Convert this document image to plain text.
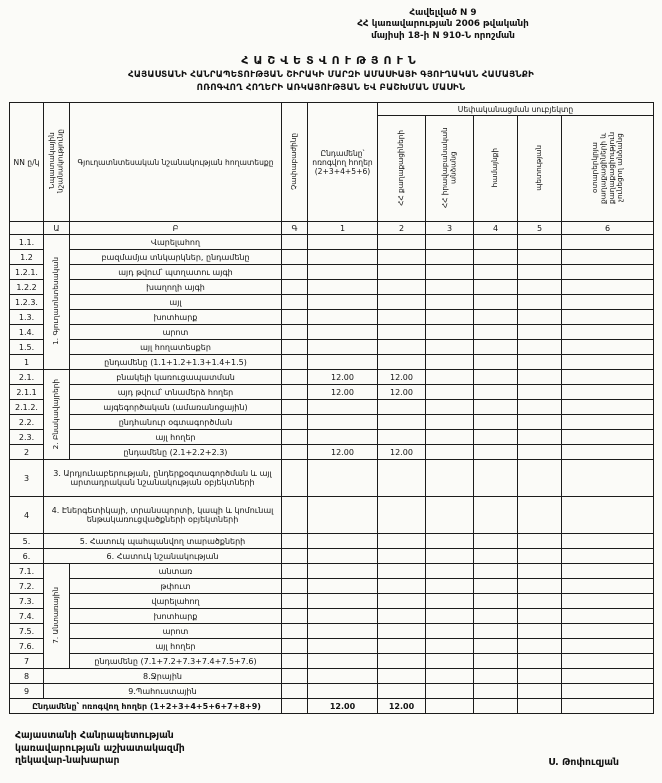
Հավելված N 9
ՀՀ կառավարության 2006 թվականի
մայիսի 18-ի N 910-Ն որոշման
ՀԱՇՎԵՏՎՈՒԹՅՈՒՆ
ՀԱՅԱՍՏԱՆԻ ՀԱՆՐԱՊԵՏՈՒԹՅԱՆ ՇԻՐԱԿԻ ՄԱՐԶԻ ԱՄԱՍԻԱՅԻ ԳՅՈՒՂԱԿԱՆ ՀԱՄԱՅՆՔԻ
ՈՌՈԳՎՈՂ ՀՈՂԵՐԻ ԱՌԿԱՅՈՒԹՅԱՆ ԵՎ ԲԱՇԽՄԱՆ ՄԱՍԻՆ
NN ը/կ	Նպատակային նշանակությունը	Գյուղատնտեսական նշանակության հողատեսքը	Չափաբաժինը	Ընդամենը՝ ոռոգվող հողեր (2+3+4+5+6)	Սեփականացման սուբյեկտը				
					ՀՀ քաղաքացիների	ՀՀ իրավաբանական անձանց	համայնքի	պետության	օտարերկրյա քաղաքացիների և քաղաքացիություն չունեցող անձանց
	Ա	Բ	Գ	1	2	3	4	5	6
1.1.	1. Գյուղատնտեսական	Վարելահող							
1.2		բազմամյա տնկարկներ, ընդամենը							
1.2.1.		այդ թվում՝ պտղատու այգի							
1.2.2		խաղողի այգի							
1.2.3.		այլ							
1.3.		խոտհարք							
1.4.		արոտ							
1.5.		այլ հողատեսքեր							
1		ընդամենը (1.1+1.2+1.3+1.4+1.5)							
2.1.	2. Բնակավայրերի	բնակելի կառուցապատման		12.00	12.00				
2.1.1		այդ թվում՝ տնամերձ հողեր		12.00	12.00				
2.1.2.		այգեգործական (ամառանոցային)							
2.2.		ընդհանուր օգտագործման							
2.3.		այլ հողեր							
2		ընդամենը (2.1+2.2+2.3)		12.00	12.00				
3	3. Արդյունաբերության, ընդերքօգտագործման և այլ արտադրական նշանակության օբյեկտների								
4	4. Էներգետիկայի, տրանսպորտի, կապի և կոմունալ ենթակառուցվածքների օբյեկտների								
5.	5. Հատուկ պահպանվող տարածքների								
6.	6. Հատուկ նշանակության								
7.1.	7. Անտառային	անտառ							
7.2.		թփուտ							
7.3.		վարելահող							
7.4.		խոտհարք							
7.5.		արոտ							
7.6.		այլ հողեր							
7		ընդամենը (7.1+7.2+7.3+7.4+7.5+7.6)							
8	8.Ջրային								
9	9.Պահուստային								
Ընդամենը՝ ոռոգվող հողեր (1+2+3+4+5+6+7+8+9)				12.00	12.00				
Հայաստանի Հանրապետության
կառավարության աշխատակազմի
ղեկավար-նախարար	Ս. Թոփուզյան
